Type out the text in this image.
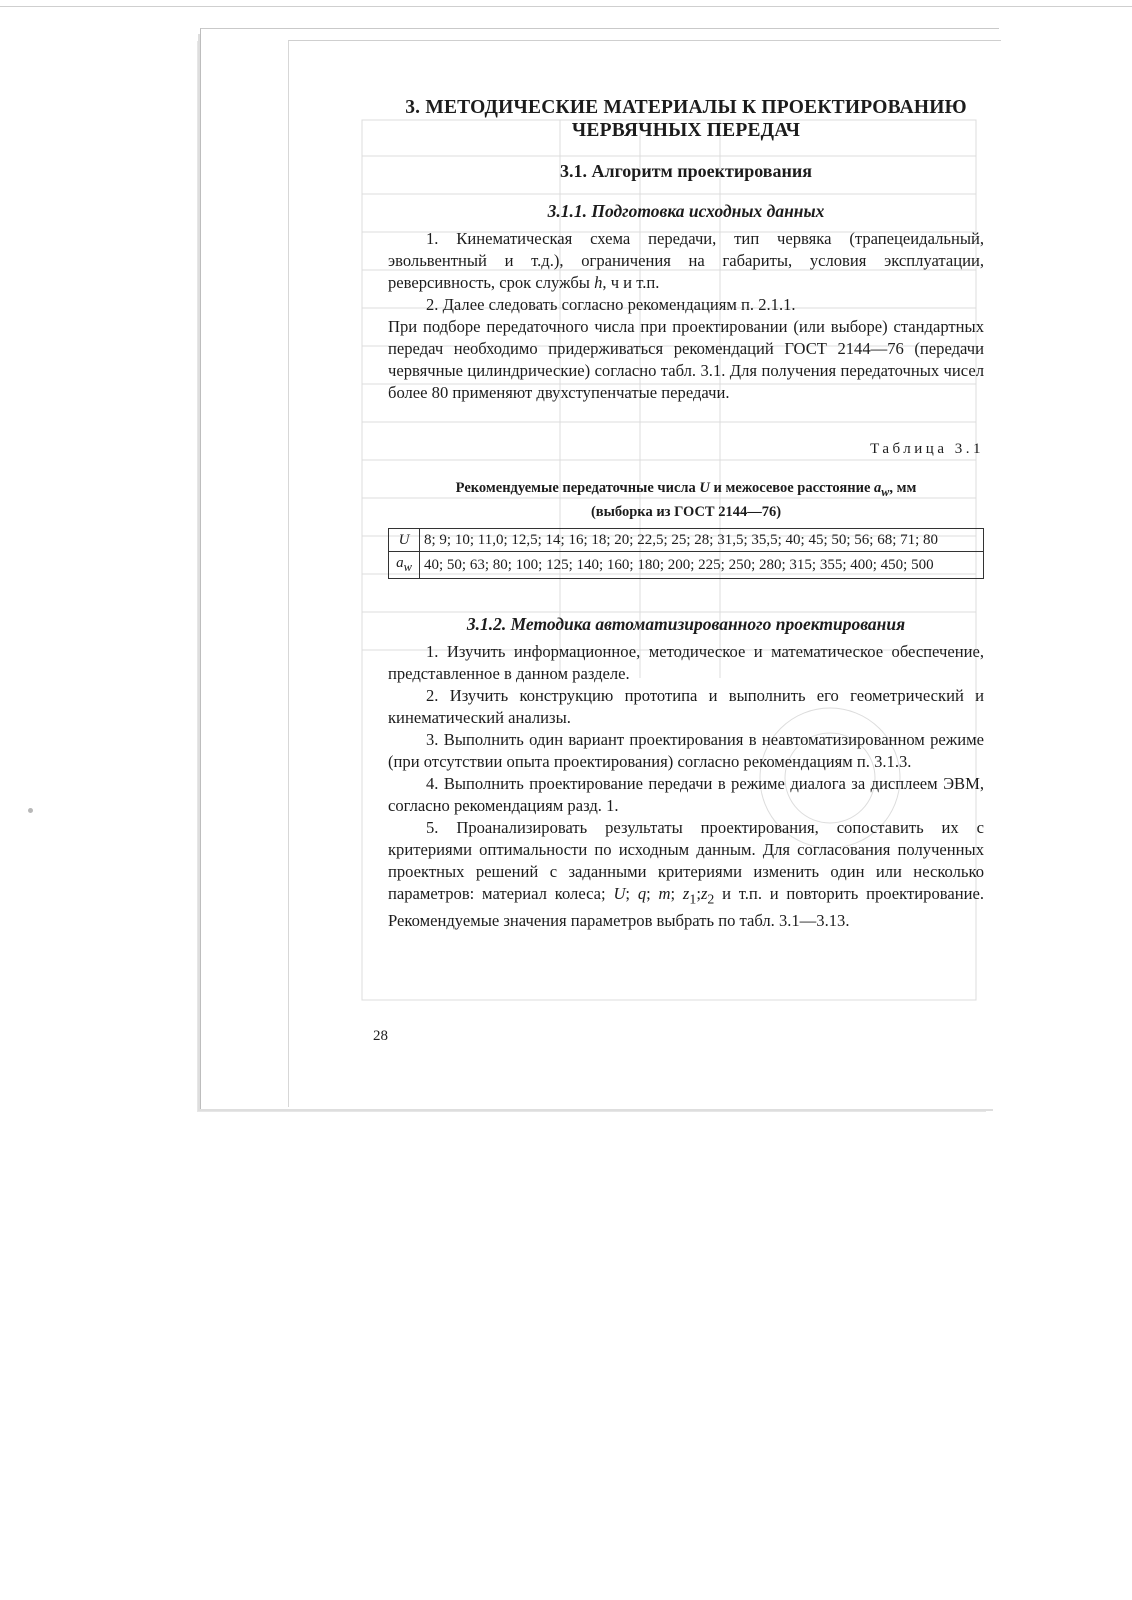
3. МЕТОДИЧЕСКИЕ МАТЕРИАЛЫ К ПРОЕКТИРОВАНИЮ
ЧЕРВЯЧНЫХ ПЕРЕДАЧ
3.1. Алгоритм проектирования
3.1.1. Подготовка исходных данных

1. Кинематическая схема передачи, тип червяка (трапецеидальный, эвольвентный и т.д.), ограничения на габариты, условия эксплуатации, реверсивность, срок службы h, ч и т.п.

2. Далее следовать согласно рекомендациям п. 2.1.1.

При подборе передаточного числа при проектировании (или выборе) стандартных передач необходимо придерживаться рекомендаций ГОСТ 2144—76 (передачи червячные цилиндрические) согласно табл. 3.1. Для получения передаточных чисел более 80 применяют двухступенчатые передачи.

Таблица 3.1
Рекомендуемые передаточные числа U и межосевое расстояние $a_w$, мм
(выборка из ГОСТ 2144—76)
U	8; 9; 10; 11,0; 12,5; 14; 16; 18; 20; 22,5; 25; 28; 31,5; 35,5; 40; 45; 50; 56; 68; 71; 80
$a_w$	40; 50; 63; 80; 100; 125; 140; 160; 180; 200; 225; 250; 280; 315; 355; 400; 450; 500
3.1.2. Методика автоматизированного проектирования

1. Изучить информационное, методическое и математическое обеспечение, представленное в данном разделе.

2. Изучить конструкцию прототипа и выполнить его геометрический и кинематический анализы.

3. Выполнить один вариант проектирования в неавтоматизированном режиме (при отсутствии опыта проектирования) согласно рекомендациям п. 3.1.3.

4. Выполнить проектирование передачи в режиме диалога за дисплеем ЭВМ, согласно рекомендациям разд. 1.

5. Проанализировать результаты проектирования, сопоставить их с критериями оптимальности по исходным данным. Для согласования полученных проектных решений с заданными критериями изменить один или несколько параметров: материал колеса; U; q; m; $z_1;z_2$ и т.п. и повторить проектирование. Рекомендуемые значения параметров выбрать по табл. 3.1—3.13.

28
